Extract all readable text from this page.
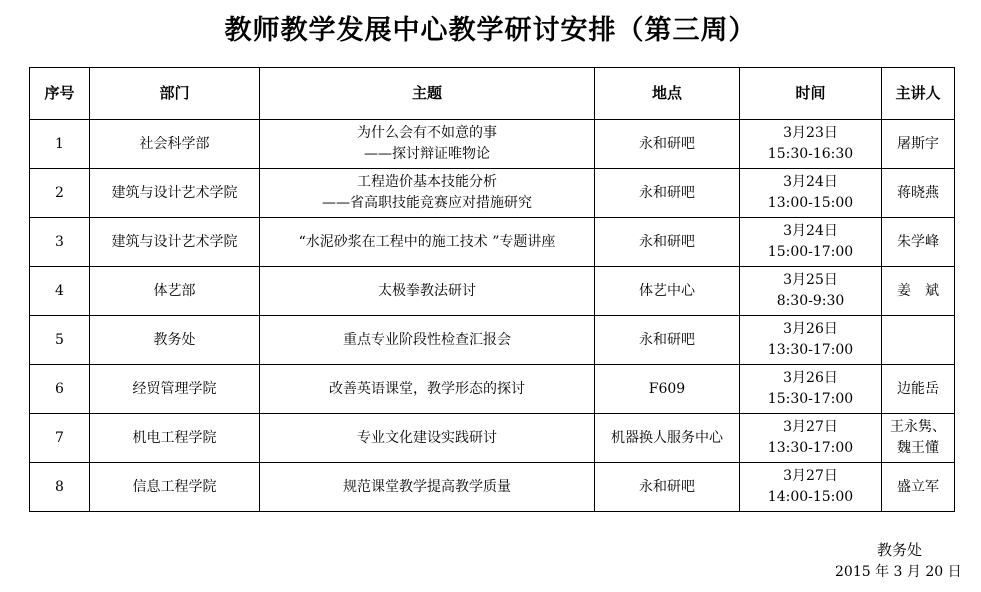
教师教学发展中心教学研讨安排（第三周）
序号	部门	主题	地点	时间	主讲人
1	社会科学部	为什么会有不如意的事
——探讨辩证唯物论	永和研吧	3月23日
15:30-16:30	屠斯宇

2	建筑与设计艺术学院	工程造价基本技能分析
——省高职技能竞赛应对措施研究	永和研吧	3月24日
13:00-15:00	蒋晓燕

3	建筑与设计艺术学院	“水泥砂浆在工程中的施工技术 ”专题讲座	永和研吧	3月24日
15:00-17:00	朱学峰

4	体艺部	太极拳教法研讨	体艺中心	3月25日
8:30-9:30	姜　斌

5	教务处	重点专业阶段性检查汇报会	永和研吧	3月26日
13:30-17:00	

6	经贸管理学院	改善英语课堂，教学形态的探讨	F609	3月26日
15:30-17:00	边能岳

7	机电工程学院	专业文化建设实践研讨	机器换人服务中心	3月27日
13:30-17:00	王永隽、
魏王懂

8	信息工程学院	规范课堂教学提高教学质量	永和研吧	3月27日
14:00-15:00	盛立军
教务处
2015 年 3 月 20 日
